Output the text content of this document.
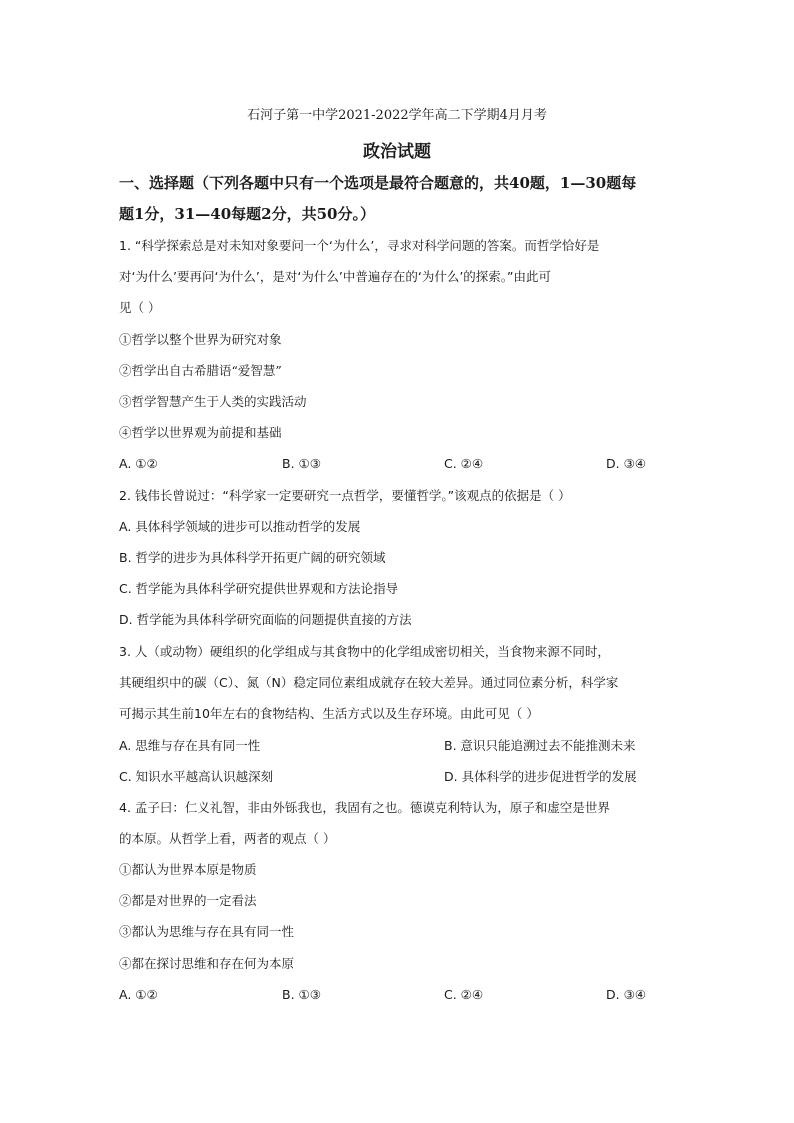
石河子第一中学2021-2022学年高二下学期4月月考
政治试题
一、选择题（下列各题中只有一个选项是最符合题意的，共40题，1—30题每
题1分，31—40每题2分，共50分。）
1. “科学探索总是对未知对象要问一个‘为什么’，寻求对科学问题的答案。而哲学恰好是
对‘为什么’要再问‘为什么’，是对‘为什么’中普遍存在的‘为什么’的探索。”由此可
见（ ）
①哲学以整个世界为研究对象
②哲学出自古希腊语“爱智慧”
③哲学智慧产生于人类的实践活动
④哲学以世界观为前提和基础
A. ①②	B. ①③	C. ②④	D. ③④
2. 钱伟长曾说过：“科学家一定要研究一点哲学，要懂哲学。”该观点的依据是（ ）
A. 具体科学领域的进步可以推动哲学的发展
B. 哲学的进步为具体科学开拓更广阔的研究领域
C. 哲学能为具体科学研究提供世界观和方法论指导
D. 哲学能为具体科学研究面临的问题提供直接的方法
3. 人（或动物）硬组织的化学组成与其食物中的化学组成密切相关，当食物来源不同时，
其硬组织中的碳（C）、氮（N）稳定同位素组成就存在较大差异。通过同位素分析，科学家
可揭示其生前10年左右的食物结构、生活方式以及生存环境。由此可见（ ）
A. 思维与存在具有同一性	B. 意识只能追溯过去不能推测未来
C. 知识水平越高认识越深刻	D. 具体科学的进步促进哲学的发展
4. 孟子曰：仁义礼智，非由外铄我也，我固有之也。德谟克利特认为，原子和虚空是世界
的本原。从哲学上看，两者的观点（ ）
①都认为世界本原是物质
②都是对世界的一定看法
③都认为思维与存在具有同一性
④都在探讨思维和存在何为本原
A. ①②	B. ①③	C. ②④	D. ③④
